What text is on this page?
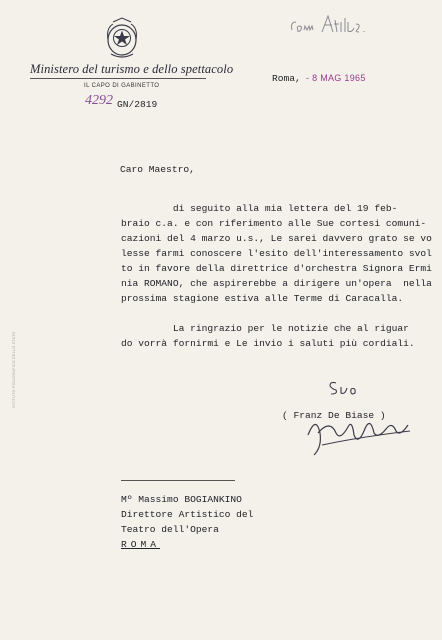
Ministero del turismo e dello spettacolo
IL CAPO DI GABINETTO
4292 GN/2819
Roma, - 8 MAG 1965
Caro Maestro,
di seguito alla mia lettera del 19 feb-
braio c.a. e con riferimento alle Sue cortesi comuni-
cazioni del 4 marzo u.s., Le sarei davvero grato se vo
lesse farmi conoscere l'esito dell'interessamento svol
to in favore della direttrice d'orchestra Signora Ermi
nia ROMANO, che aspirerebbe a dirigere un'opera  nella
prossima stagione estiva alle Terme di Caracalla.
La ringrazio per le notizie che al riguar
do vorrà fornirmi e Le invio i saluti più cordiali.
( Franz De Biase )
Mº Massimo BOGIANKINO
Direttore Artistico del
Teatro dell'Opera
ROMA
ISTITUTO POLIGRAFICO DELLO STATO
